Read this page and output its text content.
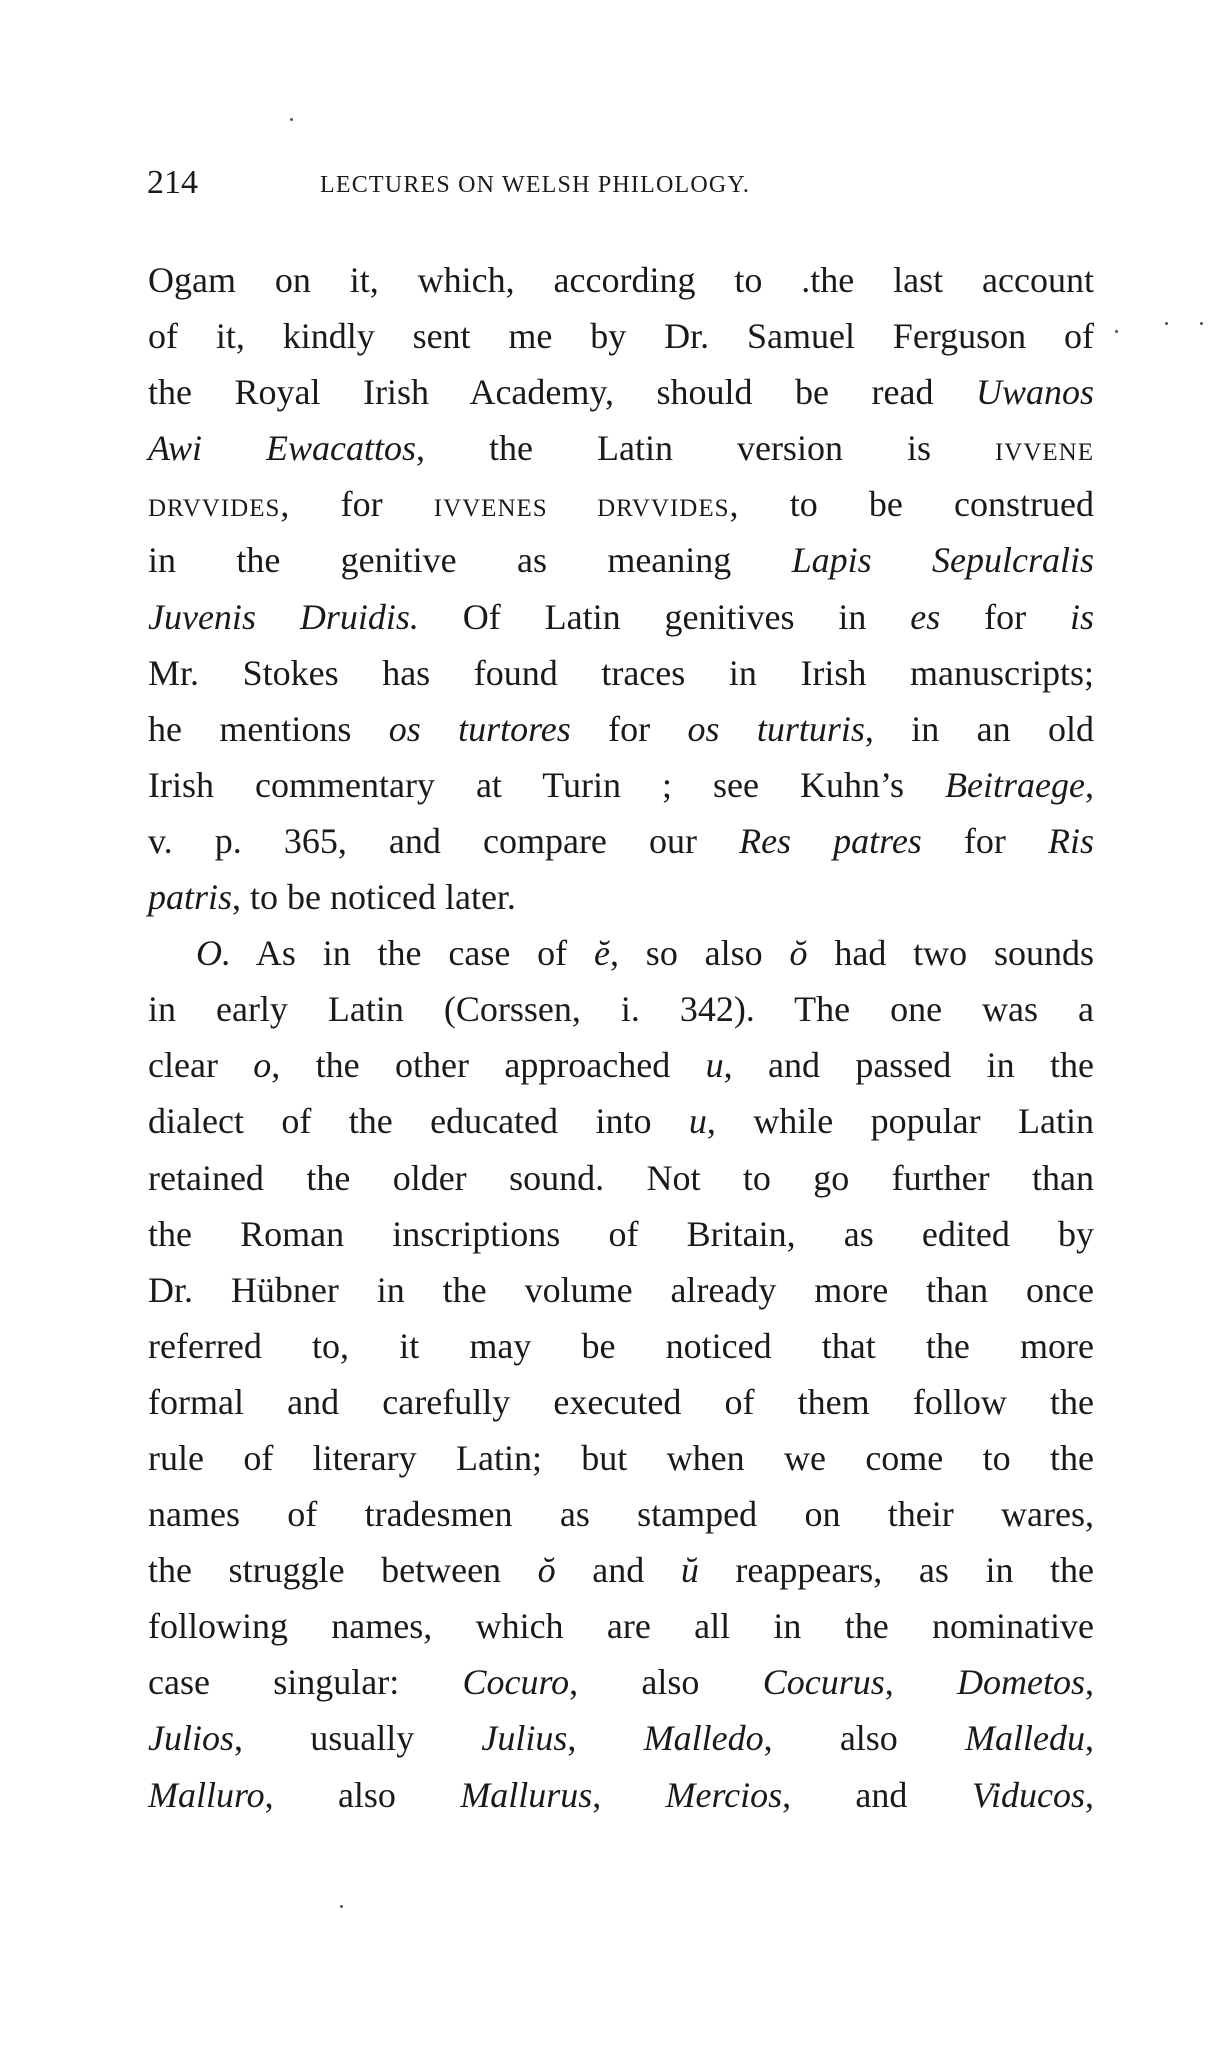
214	LECTURES ON WELSH PHILOLOGY.
Ogam on it, which, according to .the last account
of it, kindly sent me by Dr. Samuel Ferguson of
the Royal Irish Academy, should be read Uwanos
Awi Ewacattos, the Latin version is IVVENE
DRVVIDES, for IVVENES DRVVIDES, to be construed
in the genitive as meaning Lapis Sepulcralis
Juvenis Druidis. Of Latin genitives in es for is
Mr. Stokes has found traces in Irish manuscripts;
he mentions os turtores for os turturis, in an old
Irish commentary at Turin ; see Kuhn’s Beitraege,
v. p. 365, and compare our Res patres for Ris
patris, to be noticed later.
O. As in the case of ĕ, so also ŏ had two sounds
in early Latin (Corssen, i. 342). The one was a
clear o, the other approached u, and passed in the
dialect of the educated into u, while popular Latin
retained the older sound. Not to go further than
the Roman inscriptions of Britain, as edited by
Dr. Hübner in the volume already more than once
referred to, it may be noticed that the more
formal and carefully executed of them follow the
rule of literary Latin; but when we come to the
names of tradesmen as stamped on their wares,
the struggle between ŏ and ŭ reappears, as in the
following names, which are all in the nominative
case singular: Cocuro, also Cocurus, Dometos,
Julios, usually Julius, Malledo, also Malledu,
Malluro, also Mallurus, Mercios, and Viducos,
